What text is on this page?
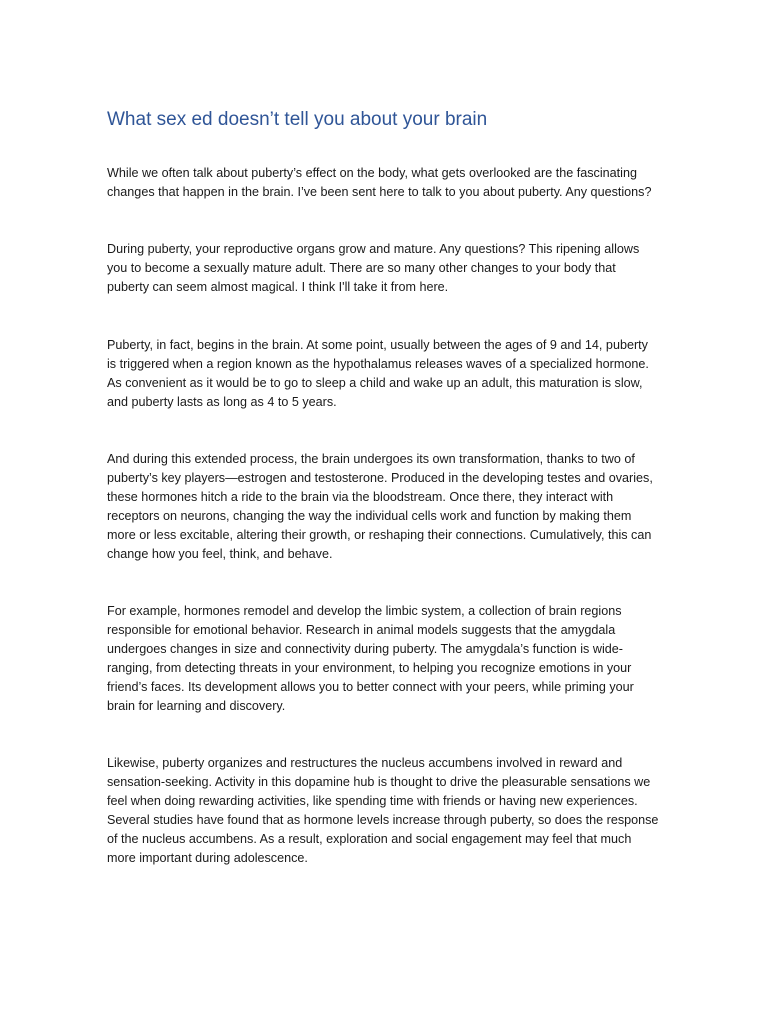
What sex ed doesn’t tell you about your brain

While we often talk about puberty’s effect on the body, what gets overlooked are the fascinating changes that happen in the brain. I’ve been sent here to talk to you about puberty. Any questions?

During puberty, your reproductive organs grow and mature. Any questions? This ripening allows you to become a sexually mature adult. There are so many other changes to your body that puberty can seem almost magical. I think I'll take it from here.

Puberty, in fact, begins in the brain. At some point, usually between the ages of 9 and 14, puberty is triggered when a region known as the hypothalamus releases waves of a specialized hormone. As convenient as it would be to go to sleep a child and wake up an adult, this maturation is slow, and puberty lasts as long as 4 to 5 years.

And during this extended process, the brain undergoes its own transformation, thanks to two of puberty’s key players—estrogen and testosterone. Produced in the developing testes and ovaries, these hormones hitch a ride to the brain via the bloodstream. Once there, they interact with receptors on neurons, changing the way the individual cells work and function by making them more or less excitable, altering their growth, or reshaping their connections. Cumulatively, this can change how you feel, think, and behave.

For example, hormones remodel and develop the limbic system, a collection of brain regions responsible for emotional behavior. Research in animal models suggests that the amygdala undergoes changes in size and connectivity during puberty. The amygdala’s function is wide-ranging, from detecting threats in your environment, to helping you recognize emotions in your friend’s faces. Its development allows you to better connect with your peers, while priming your brain for learning and discovery.

Likewise, puberty organizes and restructures the nucleus accumbens involved in reward and sensation-seeking. Activity in this dopamine hub is thought to drive the pleasurable sensations we feel when doing rewarding activities, like spending time with friends or having new experiences. Several studies have found that as hormone levels increase through puberty, so does the response of the nucleus accumbens. As a result, exploration and social engagement may feel that much more important during adolescence.
